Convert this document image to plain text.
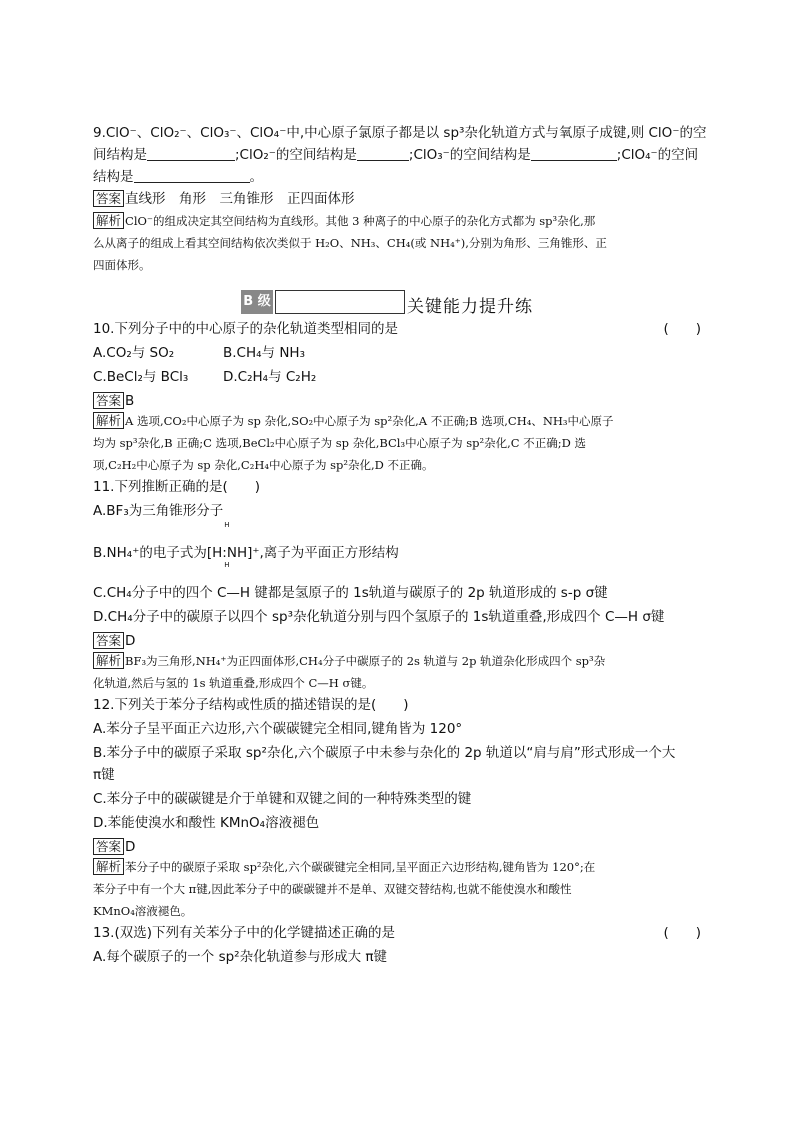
9.ClO⁻、ClO₂⁻、ClO₃⁻、ClO₄⁻中,中心原子氯原子都是以 sp³杂化轨道方式与氧原子成键,则 ClO⁻的空
间结构是	;ClO₂⁻的空间结构是	;ClO₃⁻的空间结构是	;ClO₄⁻的空间
结构是	。
答案 直线形　角形　三角锥形　正四面体形
解析 ClO⁻的组成决定其空间结构为直线形。其他 3 种离子的中心原子的杂化方式都为 sp³杂化,那
么从离子的组成上看其空间结构依次类似于 H₂O、NH₃、CH₄(或 NH₄⁺),分别为角形、三角锥形、正
四面体形。
B 级	关键能力提升练
10.下列分子中的中心原子的杂化轨道类型相同的是	(　　)
A.CO₂与 SO₂	B.CH₄与 NH₃
C.BeCl₂与 BCl₃	D.C₂H₄与 C₂H₂
答案 B
解析 A 选项,CO₂中心原子为 sp 杂化,SO₂中心原子为 sp²杂化,A 不正确;B 选项,CH₄、NH₃中心原子
均为 sp³杂化,B 正确;C 选项,BeCl₂中心原子为 sp 杂化,BCl₃中心原子为 sp²杂化,C 不正确;D 选
项,C₂H₂中心原子为 sp 杂化,C₂H₄中心原子为 sp²杂化,D 不正确。
11.下列推断正确的是(　　)
A.BF₃为三角锥形分子
B.NH₄⁺的电子式为[H
H
:N
H
H]⁺,离子为平面正方形结构
C.CH₄分子中的四个 C—H 键都是氢原子的 1s轨道与碳原子的 2p 轨道形成的 s-p σ键
D.CH₄分子中的碳原子以四个 sp³杂化轨道分别与四个氢原子的 1s轨道重叠,形成四个 C—H σ键
答案 D
解析 BF₃为三角形,NH₄⁺为正四面体形,CH₄分子中碳原子的 2s 轨道与 2p 轨道杂化形成四个 sp³杂
化轨道,然后与氢的 1s 轨道重叠,形成四个 C—H σ键。
12.下列关于苯分子结构或性质的描述错误的是(　　)
A.苯分子呈平面正六边形,六个碳碳键完全相同,键角皆为 120°
B.苯分子中的碳原子采取 sp²杂化,六个碳原子中未参与杂化的 2p 轨道以“肩与肩”形式形成一个大
π键
C.苯分子中的碳碳键是介于单键和双键之间的一种特殊类型的键
D.苯能使溴水和酸性 KMnO₄溶液褪色
答案 D
解析 苯分子中的碳原子采取 sp²杂化,六个碳碳键完全相同,呈平面正六边形结构,键角皆为 120°;在
苯分子中有一个大 π键,因此苯分子中的碳碳键并不是单、双键交替结构,也就不能使溴水和酸性
KMnO₄溶液褪色。
13.(双选)下列有关苯分子中的化学键描述正确的是	(　　)
A.每个碳原子的一个 sp²杂化轨道参与形成大 π键
